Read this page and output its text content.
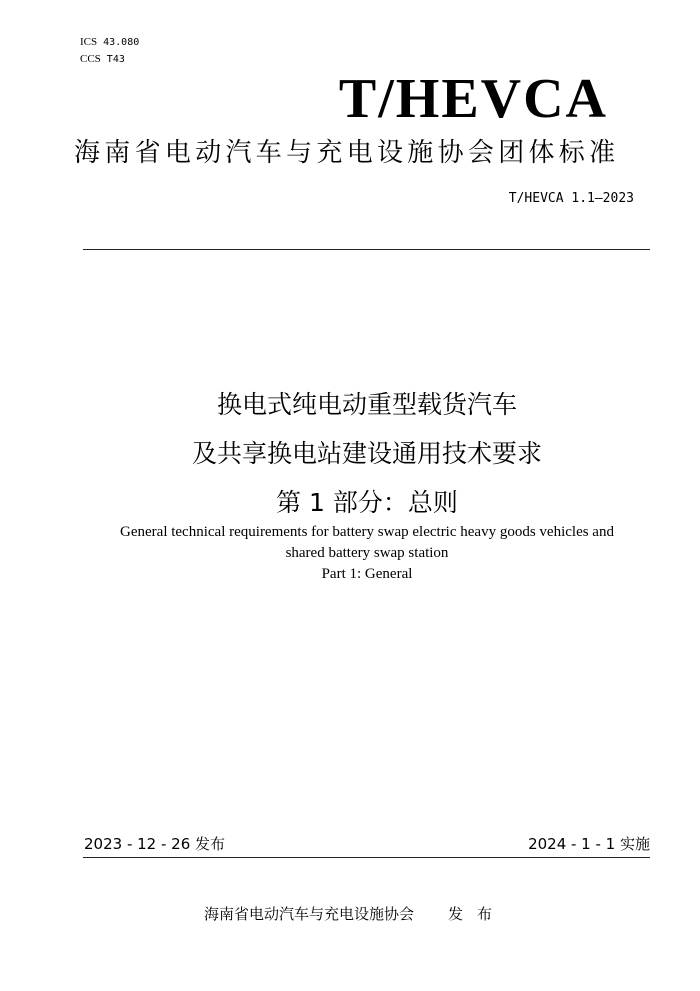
ICS 43.080
CCS T43
T/HEVCA
海南省电动汽车与充电设施协会团体标准
T/HEVCA 1.1—2023
换电式纯电动重型载货汽车
及共享换电站建设通用技术要求
第 1 部分：总则
General technical requirements for battery swap electric heavy goods vehicles and
shared battery swap station
Part 1: General
2023 - 12 - 26 发布	2024 - 1 - 1 实施
海南省电动汽车与充电设施协会 发布
